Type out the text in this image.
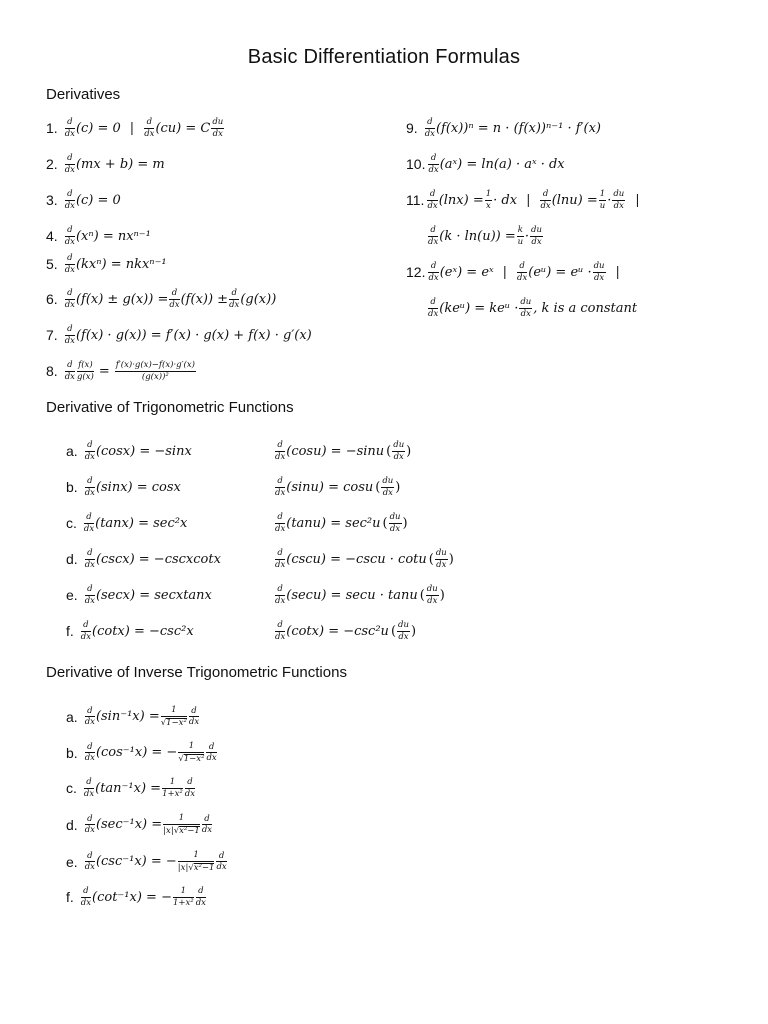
Basic Differentiation Formulas
Derivatives
1. d
dx (c) = 0 | d
dx (cu) = C du
dx
2. d
dx (mx + b) = m
3. d
dx (c) = 0
4. d
dx (xⁿ) = nxⁿ⁻¹
5. d
dx (kxⁿ) = nkxⁿ⁻¹
6. d
dx $(f(x) \pm g(x)) = \frac{d}{dx} (f(x)) \pm \frac{d}{dx} (g(x))$
7. d
dx (f(x) · g(x)) = f′(x) · g(x) + f(x) · g′(x)
8. d
dx $\frac{f(x)}{g(x)} = \frac{f'(x)\cdot g(x)-f(x)\cdot g'(x)}{\text{(g(x))²}}$
9. d
dx (f(x))ⁿ = n · (f(x))ⁿ⁻¹ · f′(x)
10. d
dx (aˣ) = ln(a) · aˣ · dx
11. d
dx $(\ln x) = \frac{1}{x}$ · dx | d
dx $(\ln u) = \frac{1}{u}$ · du
dx |
d
dx $(k \cdot \ln(u)) = \frac{k}{u}$ · du
dx
12. d
dx (eˣ) = eˣ | d
dx (eᵘ) = eᵘ · du
dx |
d
dx (keᵘ) = keᵘ · du
dx , k is a constant
Derivative of Trigonometric Functions
a. d
dx (cosx) = −sinx	d
dx (cosu) = −sinu ( du
dx )
b. d
dx (sinx) = cosx	d
dx (sinu) = cosu ( du
dx )
c. d
dx (tanx) = sec²x	d
dx (tanu) = sec²u ( du
dx )
d. d
dx (cscx) = −cscxcotx	d
dx (cscu) = −cscu · cotu ( du
dx )
e. d
dx (secx) = secxtanx	d
dx (secu) = secu · tanu ( du
dx )
f. d
dx (cotx) = −csc²x	d
dx (cotx) = −csc²u ( du
dx )
Derivative of Inverse Trigonometric Functions
a. d
dx $(\sin^{-1}x) = \frac{1}{\text{√1−x²}}$ d
dx
b. d
dx (cos⁻¹x) = − $\frac{1}{\text{√1−x²}}$ d
dx
c. d
dx $(\tan^{-1}x) = \frac{1}{\text{1+x²}}$ d
dx
d. d
dx $(\sec^{-1}x) = \frac{1}{\text{|x|√x²−1}}$ d
dx
e. d
dx (csc⁻¹x) = − $\frac{1}{\text{|x|√x²−1}}$ d
dx
f. d
dx (cot⁻¹x) = − $\frac{1}{\text{1+x²}}$ d
dx
